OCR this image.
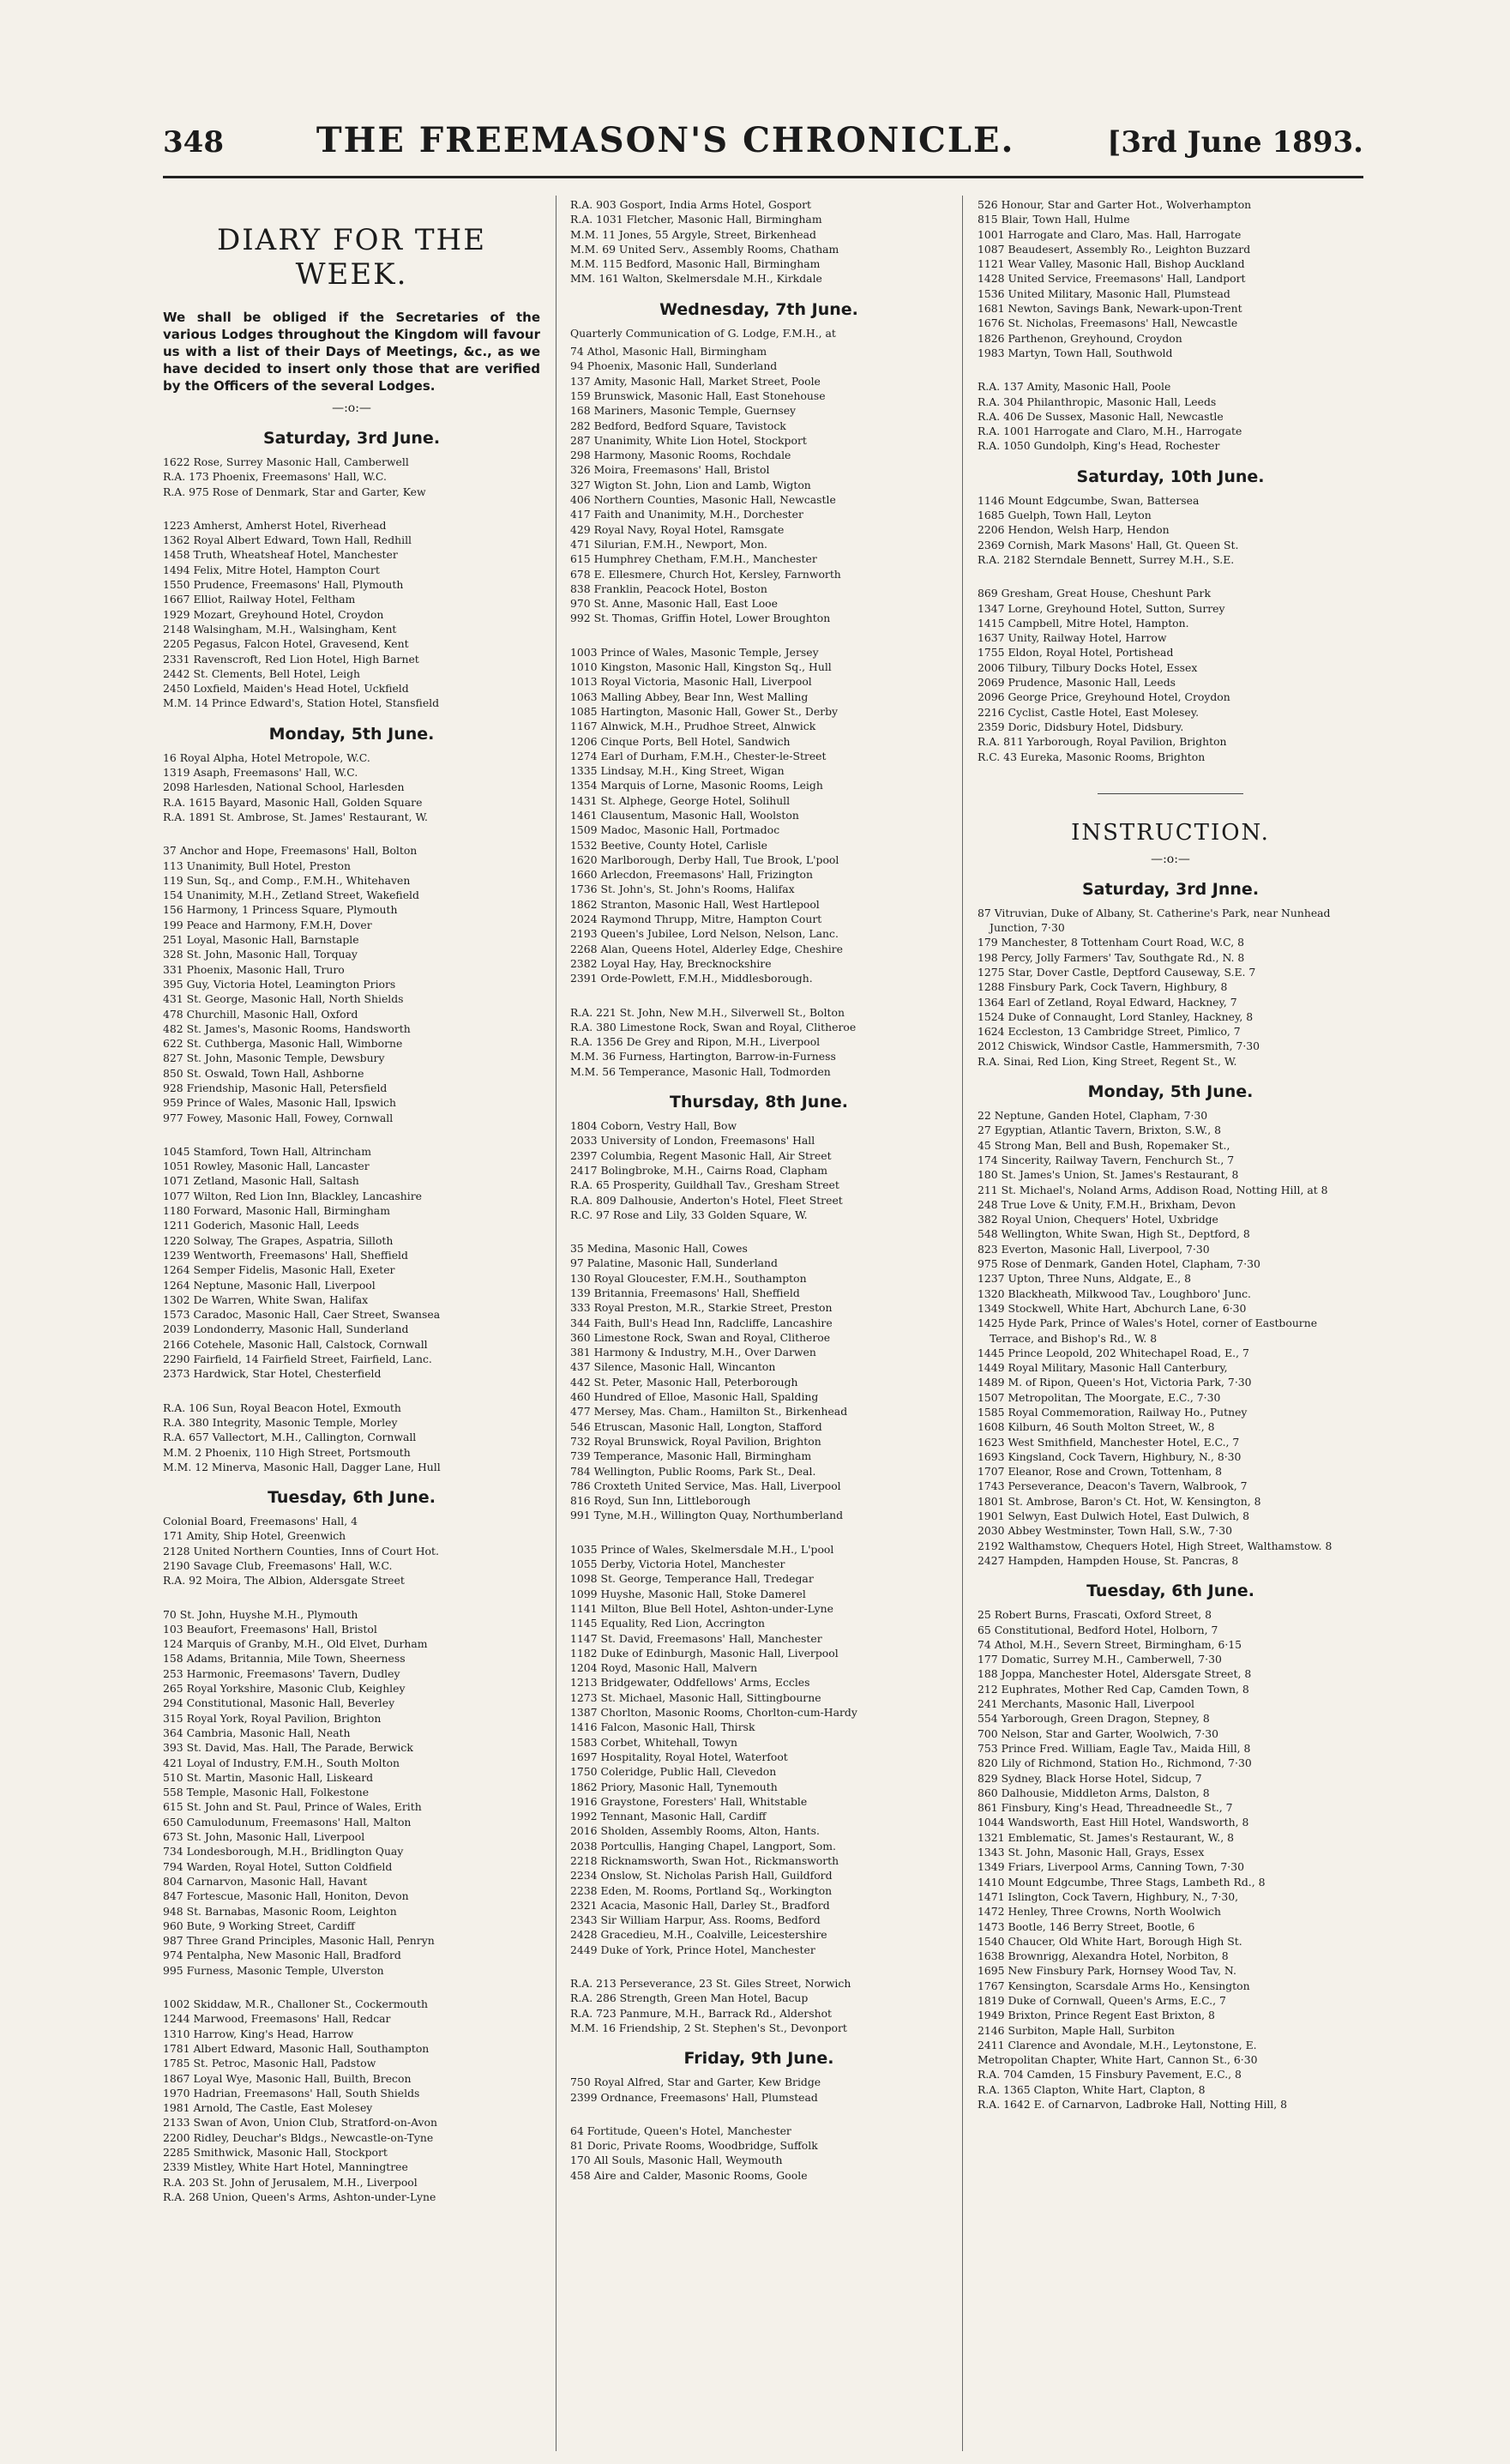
348	THE FREEMASON'S CHRONICLE.	[3rd June 1893.
DIARY FOR THE WEEK.
We shall be obliged if the Secretaries of the various Lodges throughout the Kingdom will favour us with a list of their Days of Meetings, &c., as we have decided to insert only those that are verified by the Officers of the several Lodges.
—:o:—
Saturday, 3rd June.
1622 Rose, Surrey Masonic Hall, Camberwell
R.A. 173 Phoenix, Freemasons' Hall, W.C.
R.A. 975 Rose of Denmark, Star and Garter, Kew
1223 Amherst, Amherst Hotel, Riverhead
1362 Royal Albert Edward, Town Hall, Redhill
1458 Truth, Wheatsheaf Hotel, Manchester
1494 Felix, Mitre Hotel, Hampton Court
1550 Prudence, Freemasons' Hall, Plymouth
1667 Elliot, Railway Hotel, Feltham
1929 Mozart, Greyhound Hotel, Croydon
2148 Walsingham, M.H., Walsingham, Kent
2205 Pegasus, Falcon Hotel, Gravesend, Kent
2331 Ravenscroft, Red Lion Hotel, High Barnet
2442 St. Clements, Bell Hotel, Leigh
2450 Loxfield, Maiden's Head Hotel, Uckfield
M.M. 14 Prince Edward's, Station Hotel, Stansfield
Monday, 5th June.
16 Royal Alpha, Hotel Metropole, W.C.
1319 Asaph, Freemasons' Hall, W.C.
2098 Harlesden, National School, Harlesden
R.A. 1615 Bayard, Masonic Hall, Golden Square
R.A. 1891 St. Ambrose, St. James' Restaurant, W.
37 Anchor and Hope, Freemasons' Hall, Bolton
113 Unanimity, Bull Hotel, Preston
119 Sun, Sq., and Comp., F.M.H., Whitehaven
154 Unanimity, M.H., Zetland Street, Wakefield
156 Harmony, 1 Princess Square, Plymouth
199 Peace and Harmony, F.M.H, Dover
251 Loyal, Masonic Hall, Barnstaple
328 St. John, Masonic Hall, Torquay
331 Phoenix, Masonic Hall, Truro
395 Guy, Victoria Hotel, Leamington Priors
431 St. George, Masonic Hall, North Shields
478 Churchill, Masonic Hall, Oxford
482 St. James's, Masonic Rooms, Handsworth
622 St. Cuthberga, Masonic Hall, Wimborne
827 St. John, Masonic Temple, Dewsbury
850 St. Oswald, Town Hall, Ashborne
928 Friendship, Masonic Hall, Petersfield
959 Prince of Wales, Masonic Hall, Ipswich
977 Fowey, Masonic Hall, Fowey, Cornwall
1045 Stamford, Town Hall, Altrincham
1051 Rowley, Masonic Hall, Lancaster
1071 Zetland, Masonic Hall, Saltash
1077 Wilton, Red Lion Inn, Blackley, Lancashire
1180 Forward, Masonic Hall, Birmingham
1211 Goderich, Masonic Hall, Leeds
1220 Solway, The Grapes, Aspatria, Silloth
1239 Wentworth, Freemasons' Hall, Sheffield
1264 Semper Fidelis, Masonic Hall, Exeter
1264 Neptune, Masonic Hall, Liverpool
1302 De Warren, White Swan, Halifax
1573 Caradoc, Masonic Hall, Caer Street, Swansea
2039 Londonderry, Masonic Hall, Sunderland
2166 Cotehele, Masonic Hall, Calstock, Cornwall
2290 Fairfield, 14 Fairfield Street, Fairfield, Lanc.
2373 Hardwick, Star Hotel, Chesterfield
R.A. 106 Sun, Royal Beacon Hotel, Exmouth
R.A. 380 Integrity, Masonic Temple, Morley
R.A. 657 Vallectort, M.H., Callington, Cornwall
M.M. 2 Phoenix, 110 High Street, Portsmouth
M.M. 12 Minerva, Masonic Hall, Dagger Lane, Hull
Tuesday, 6th June.
Colonial Board, Freemasons' Hall, 4
171 Amity, Ship Hotel, Greenwich
2128 United Northern Counties, Inns of Court Hot.
2190 Savage Club, Freemasons' Hall, W.C.
R.A. 92 Moira, The Albion, Aldersgate Street
70 St. John, Huyshe M.H., Plymouth
103 Beaufort, Freemasons' Hall, Bristol
124 Marquis of Granby, M.H., Old Elvet, Durham
158 Adams, Britannia, Mile Town, Sheerness
253 Harmonic, Freemasons' Tavern, Dudley
265 Royal Yorkshire, Masonic Club, Keighley
294 Constitutional, Masonic Hall, Beverley
315 Royal York, Royal Pavilion, Brighton
364 Cambria, Masonic Hall, Neath
393 St. David, Mas. Hall, The Parade, Berwick
421 Loyal of Industry, F.M.H., South Molton
510 St. Martin, Masonic Hall, Liskeard
558 Temple, Masonic Hall, Folkestone
615 St. John and St. Paul, Prince of Wales, Erith
650 Camulodunum, Freemasons' Hall, Malton
673 St. John, Masonic Hall, Liverpool
734 Londesborough, M.H., Bridlington Quay
794 Warden, Royal Hotel, Sutton Coldfield
804 Carnarvon, Masonic Hall, Havant
847 Fortescue, Masonic Hall, Honiton, Devon
948 St. Barnabas, Masonic Room, Leighton
960 Bute, 9 Working Street, Cardiff
987 Three Grand Principles, Masonic Hall, Penryn
974 Pentalpha, New Masonic Hall, Bradford
995 Furness, Masonic Temple, Ulverston
1002 Skiddaw, M.R., Challoner St., Cockermouth
1244 Marwood, Freemasons' Hall, Redcar
1310 Harrow, King's Head, Harrow
1781 Albert Edward, Masonic Hall, Southampton
1785 St. Petroc, Masonic Hall, Padstow
1867 Loyal Wye, Masonic Hall, Builth, Brecon
1970 Hadrian, Freemasons' Hall, South Shields
1981 Arnold, The Castle, East Molesey
2133 Swan of Avon, Union Club, Stratford-on-Avon
2200 Ridley, Deuchar's Bldgs., Newcastle-on-Tyne
2285 Smithwick, Masonic Hall, Stockport
2339 Mistley, White Hart Hotel, Manningtree
R.A. 203 St. John of Jerusalem, M.H., Liverpool
R.A. 268 Union, Queen's Arms, Ashton-under-Lyne
R.A. 903 Gosport, India Arms Hotel, Gosport
R.A. 1031 Fletcher, Masonic Hall, Birmingham
M.M. 11 Jones, 55 Argyle, Street, Birkenhead
M.M. 69 United Serv., Assembly Rooms, Chatham
M.M. 115 Bedford, Masonic Hall, Birmingham
MM. 161 Walton, Skelmersdale M.H., Kirkdale
Wednesday, 7th June.
Quarterly Communication of G. Lodge, F.M.H., at
74 Athol, Masonic Hall, Birmingham
94 Phoenix, Masonic Hall, Sunderland
137 Amity, Masonic Hall, Market Street, Poole
159 Brunswick, Masonic Hall, East Stonehouse
168 Mariners, Masonic Temple, Guernsey
282 Bedford, Bedford Square, Tavistock
287 Unanimity, White Lion Hotel, Stockport
298 Harmony, Masonic Rooms, Rochdale
326 Moira, Freemasons' Hall, Bristol
327 Wigton St. John, Lion and Lamb, Wigton
406 Northern Counties, Masonic Hall, Newcastle
417 Faith and Unanimity, M.H., Dorchester
429 Royal Navy, Royal Hotel, Ramsgate
471 Silurian, F.M.H., Newport, Mon.
615 Humphrey Chetham, F.M.H., Manchester
678 E. Ellesmere, Church Hot, Kersley, Farnworth
838 Franklin, Peacock Hotel, Boston
970 St. Anne, Masonic Hall, East Looe
992 St. Thomas, Griffin Hotel, Lower Broughton
1003 Prince of Wales, Masonic Temple, Jersey
1010 Kingston, Masonic Hall, Kingston Sq., Hull
1013 Royal Victoria, Masonic Hall, Liverpool
1063 Malling Abbey, Bear Inn, West Malling
1085 Hartington, Masonic Hall, Gower St., Derby
1167 Alnwick, M.H., Prudhoe Street, Alnwick
1206 Cinque Ports, Bell Hotel, Sandwich
1274 Earl of Durham, F.M.H., Chester-le-Street
1335 Lindsay, M.H., King Street, Wigan
1354 Marquis of Lorne, Masonic Rooms, Leigh
1431 St. Alphege, George Hotel, Solihull
1461 Clausentum, Masonic Hall, Woolston
1509 Madoc, Masonic Hall, Portmadoc
1532 Beetive, County Hotel, Carlisle
1620 Marlborough, Derby Hall, Tue Brook, L'pool
1660 Arlecdon, Freemasons' Hall, Frizington
1736 St. John's, St. John's Rooms, Halifax
1862 Stranton, Masonic Hall, West Hartlepool
2024 Raymond Thrupp, Mitre, Hampton Court
2193 Queen's Jubilee, Lord Nelson, Nelson, Lanc.
2268 Alan, Queens Hotel, Alderley Edge, Cheshire
2382 Loyal Hay, Hay, Brecknockshire
2391 Orde-Powlett, F.M.H., Middlesborough.
R.A. 221 St. John, New M.H., Silverwell St., Bolton
R.A. 380 Limestone Rock, Swan and Royal, Clitheroe
R.A. 1356 De Grey and Ripon, M.H., Liverpool
M.M. 36 Furness, Hartington, Barrow-in-Furness
M.M. 56 Temperance, Masonic Hall, Todmorden
Thursday, 8th June.
1804 Coborn, Vestry Hall, Bow
2033 University of London, Freemasons' Hall
2397 Columbia, Regent Masonic Hall, Air Street
2417 Bolingbroke, M.H., Cairns Road, Clapham
R.A. 65 Prosperity, Guildhall Tav., Gresham Street
R.A. 809 Dalhousie, Anderton's Hotel, Fleet Street
R.C. 97 Rose and Lily, 33 Golden Square, W.
35 Medina, Masonic Hall, Cowes
97 Palatine, Masonic Hall, Sunderland
130 Royal Gloucester, F.M.H., Southampton
139 Britannia, Freemasons' Hall, Sheffield
333 Royal Preston, M.R., Starkie Street, Preston
344 Faith, Bull's Head Inn, Radcliffe, Lancashire
360 Limestone Rock, Swan and Royal, Clitheroe
381 Harmony & Industry, M.H., Over Darwen
437 Silence, Masonic Hall, Wincanton
442 St. Peter, Masonic Hall, Peterborough
460 Hundred of Elloe, Masonic Hall, Spalding
477 Mersey, Mas. Cham., Hamilton St., Birkenhead
546 Etruscan, Masonic Hall, Longton, Stafford
732 Royal Brunswick, Royal Pavilion, Brighton
739 Temperance, Masonic Hall, Birmingham
784 Wellington, Public Rooms, Park St., Deal.
786 Croxteth United Service, Mas. Hall, Liverpool
816 Royd, Sun Inn, Littleborough
991 Tyne, M.H., Willington Quay, Northumberland
1035 Prince of Wales, Skelmersdale M.H., L'pool
1055 Derby, Victoria Hotel, Manchester
1098 St. George, Temperance Hall, Tredegar
1099 Huyshe, Masonic Hall, Stoke Damerel
1141 Milton, Blue Bell Hotel, Ashton-under-Lyne
1145 Equality, Red Lion, Accrington
1147 St. David, Freemasons' Hall, Manchester
1182 Duke of Edinburgh, Masonic Hall, Liverpool
1204 Royd, Masonic Hall, Malvern
1213 Bridgewater, Oddfellows' Arms, Eccles
1273 St. Michael, Masonic Hall, Sittingbourne
1387 Chorlton, Masonic Rooms, Chorlton-cum-Hardy
1416 Falcon, Masonic Hall, Thirsk
1583 Corbet, Whitehall, Towyn
1697 Hospitality, Royal Hotel, Waterfoot
1750 Coleridge, Public Hall, Clevedon
1862 Priory, Masonic Hall, Tynemouth
1916 Graystone, Foresters' Hall, Whitstable
1992 Tennant, Masonic Hall, Cardiff
2016 Sholden, Assembly Rooms, Alton, Hants.
2038 Portcullis, Hanging Chapel, Langport, Som.
2218 Ricknamsworth, Swan Hot., Rickmansworth
2234 Onslow, St. Nicholas Parish Hall, Guildford
2238 Eden, M. Rooms, Portland Sq., Workington
2321 Acacia, Masonic Hall, Darley St., Bradford
2343 Sir William Harpur, Ass. Rooms, Bedford
2428 Gracedieu, M.H., Coalville, Leicestershire
2449 Duke of York, Prince Hotel, Manchester
R.A. 213 Perseverance, 23 St. Giles Street, Norwich
R.A. 286 Strength, Green Man Hotel, Bacup
R.A. 723 Panmure, M.H., Barrack Rd., Aldershot
M.M. 16 Friendship, 2 St. Stephen's St., Devonport
Friday, 9th June.
750 Royal Alfred, Star and Garter, Kew Bridge
2399 Ordnance, Freemasons' Hall, Plumstead
64 Fortitude, Queen's Hotel, Manchester
81 Doric, Private Rooms, Woodbridge, Suffolk
170 All Souls, Masonic Hall, Weymouth
458 Aire and Calder, Masonic Rooms, Goole
526 Honour, Star and Garter Hot., Wolverhampton
815 Blair, Town Hall, Hulme
1001 Harrogate and Claro, Mas. Hall, Harrogate
1087 Beaudesert, Assembly Ro., Leighton Buzzard
1121 Wear Valley, Masonic Hall, Bishop Auckland
1428 United Service, Freemasons' Hall, Landport
1536 United Military, Masonic Hall, Plumstead
1681 Newton, Savings Bank, Newark-upon-Trent
1676 St. Nicholas, Freemasons' Hall, Newcastle
1826 Parthenon, Greyhound, Croydon
1983 Martyn, Town Hall, Southwold
R.A. 137 Amity, Masonic Hall, Poole
R.A. 304 Philanthropic, Masonic Hall, Leeds
R.A. 406 De Sussex, Masonic Hall, Newcastle
R.A. 1001 Harrogate and Claro, M.H., Harrogate
R.A. 1050 Gundolph, King's Head, Rochester
Saturday, 10th June.
1146 Mount Edgcumbe, Swan, Battersea
1685 Guelph, Town Hall, Leyton
2206 Hendon, Welsh Harp, Hendon
2369 Cornish, Mark Masons' Hall, Gt. Queen St.
R.A. 2182 Sterndale Bennett, Surrey M.H., S.E.
869 Gresham, Great House, Cheshunt Park
1347 Lorne, Greyhound Hotel, Sutton, Surrey
1415 Campbell, Mitre Hotel, Hampton.
1637 Unity, Railway Hotel, Harrow
1755 Eldon, Royal Hotel, Portishead
2006 Tilbury, Tilbury Docks Hotel, Essex
2069 Prudence, Masonic Hall, Leeds
2096 George Price, Greyhound Hotel, Croydon
2216 Cyclist, Castle Hotel, East Molesey.
2359 Doric, Didsbury Hotel, Didsbury.
R.A. 811 Yarborough, Royal Pavilion, Brighton
R.C. 43 Eureka, Masonic Rooms, Brighton
INSTRUCTION.
—:o:—
Saturday, 3rd Jnne.
87 Vitruvian, Duke of Albany, St. Catherine's Park, near Nunhead Junction, 7·30
179 Manchester, 8 Tottenham Court Road, W.C, 8
198 Percy, Jolly Farmers' Tav, Southgate Rd., N. 8
1275 Star, Dover Castle, Deptford Causeway, S.E. 7
1288 Finsbury Park, Cock Tavern, Highbury, 8
1364 Earl of Zetland, Royal Edward, Hackney, 7
1524 Duke of Connaught, Lord Stanley, Hackney, 8
1624 Eccleston, 13 Cambridge Street, Pimlico, 7
2012 Chiswick, Windsor Castle, Hammersmith, 7·30
R.A. Sinai, Red Lion, King Street, Regent St., W.
Monday, 5th June.
22 Neptune, Ganden Hotel, Clapham, 7·30
27 Egyptian, Atlantic Tavern, Brixton, S.W., 8
45 Strong Man, Bell and Bush, Ropemaker St.,
174 Sincerity, Railway Tavern, Fenchurch St., 7
180 St. James's Union, St. James's Restaurant, 8
211 St. Michael's, Noland Arms, Addison Road, Notting Hill, at 8
248 True Love & Unity, F.M.H., Brixham, Devon
382 Royal Union, Chequers' Hotel, Uxbridge
548 Wellington, White Swan, High St., Deptford, 8
823 Everton, Masonic Hall, Liverpool, 7·30
975 Rose of Denmark, Ganden Hotel, Clapham, 7·30
1237 Upton, Three Nuns, Aldgate, E., 8
1320 Blackheath, Milkwood Tav., Loughboro' Junc.
1349 Stockwell, White Hart, Abchurch Lane, 6·30
1425 Hyde Park, Prince of Wales's Hotel, corner of Eastbourne Terrace, and Bishop's Rd., W. 8
1445 Prince Leopold, 202 Whitechapel Road, E., 7
1449 Royal Military, Masonic Hall Canterbury,
1489 M. of Ripon, Queen's Hot, Victoria Park, 7·30
1507 Metropolitan, The Moorgate, E.C., 7·30
1585 Royal Commemoration, Railway Ho., Putney
1608 Kilburn, 46 South Molton Street, W., 8
1623 West Smithfield, Manchester Hotel, E.C., 7
1693 Kingsland, Cock Tavern, Highbury, N., 8·30
1707 Eleanor, Rose and Crown, Tottenham, 8
1743 Perseverance, Deacon's Tavern, Walbrook, 7
1801 St. Ambrose, Baron's Ct. Hot, W. Kensington, 8
1901 Selwyn, East Dulwich Hotel, East Dulwich, 8
2030 Abbey Westminster, Town Hall, S.W., 7·30
2192 Walthamstow, Chequers Hotel, High Street, Walthamstow. 8
2427 Hampden, Hampden House, St. Pancras, 8
Tuesday, 6th June.
25 Robert Burns, Frascati, Oxford Street, 8
65 Constitutional, Bedford Hotel, Holborn, 7
74 Athol, M.H., Severn Street, Birmingham, 6·15
177 Domatic, Surrey M.H., Camberwell, 7·30
188 Joppa, Manchester Hotel, Aldersgate Street, 8
212 Euphrates, Mother Red Cap, Camden Town, 8
241 Merchants, Masonic Hall, Liverpool
554 Yarborough, Green Dragon, Stepney, 8
700 Nelson, Star and Garter, Woolwich, 7·30
753 Prince Fred. William, Eagle Tav., Maida Hill, 8
820 Lily of Richmond, Station Ho., Richmond, 7·30
829 Sydney, Black Horse Hotel, Sidcup, 7
860 Dalhousie, Middleton Arms, Dalston, 8
861 Finsbury, King's Head, Threadneedle St., 7
1044 Wandsworth, East Hill Hotel, Wandsworth, 8
1321 Emblematic, St. James's Restaurant, W., 8
1343 St. John, Masonic Hall, Grays, Essex
1349 Friars, Liverpool Arms, Canning Town, 7·30
1410 Mount Edgcumbe, Three Stags, Lambeth Rd., 8
1471 Islington, Cock Tavern, Highbury, N., 7·30,
1472 Henley, Three Crowns, North Woolwich
1473 Bootle, 146 Berry Street, Bootle, 6
1540 Chaucer, Old White Hart, Borough High St.
1638 Brownrigg, Alexandra Hotel, Norbiton, 8
1695 New Finsbury Park, Hornsey Wood Tav, N.
1767 Kensington, Scarsdale Arms Ho., Kensington
1819 Duke of Cornwall, Queen's Arms, E.C., 7
1949 Brixton, Prince Regent East Brixton, 8
2146 Surbiton, Maple Hall, Surbiton
2411 Clarence and Avondale, M.H., Leytonstone, E.
Metropolitan Chapter, White Hart, Cannon St., 6·30
R.A. 704 Camden, 15 Finsbury Pavement, E.C., 8
R.A. 1365 Clapton, White Hart, Clapton, 8
R.A. 1642 E. of Carnarvon, Ladbroke Hall, Notting Hill, 8
